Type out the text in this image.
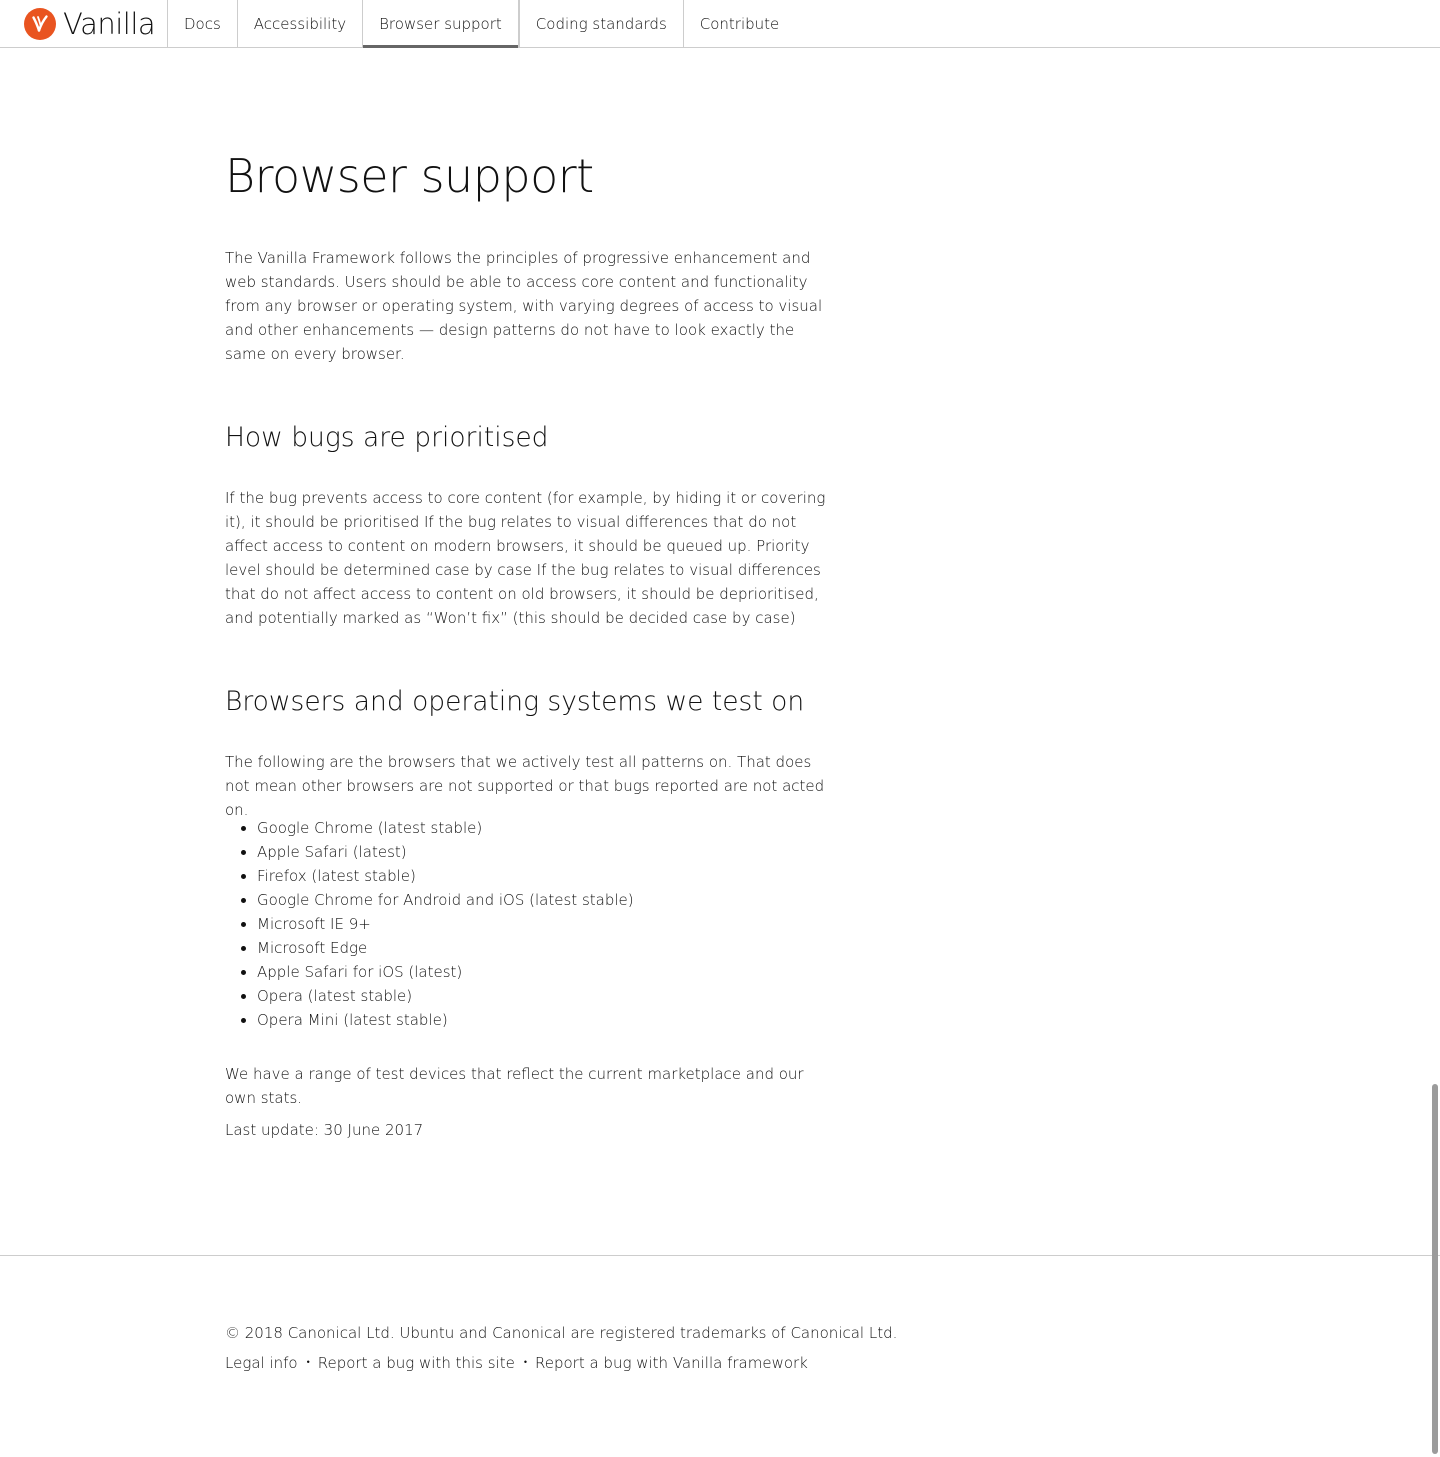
Vanilla Docs Accessibility Browser support Coding standards Contribute
Browser support

The Vanilla Framework follows the principles of progressive enhancement and web standards. Users should be able to access core content and functionality from any browser or operating system, with varying degrees of access to visual and other enhancements — design patterns do not have to look exactly the same on every browser.

How bugs are prioritised

If the bug prevents access to core content (for example, by hiding it or covering it), it should be prioritised If the bug relates to visual differences that do not affect access to content on modern browsers, it should be queued up. Priority level should be determined case by case If the bug relates to visual differences that do not affect access to content on old browsers, it should be deprioritised, and potentially marked as “Won’t fix” (this should be decided case by case)

Browsers and operating systems we test on

The following are the browsers that we actively test all patterns on. That does not mean other browsers are not supported or that bugs reported are not acted on.

• Google Chrome (latest stable)
• Apple Safari (latest)
• Firefox (latest stable)
• Google Chrome for Android and iOS (latest stable)
• Microsoft IE 9+
• Microsoft Edge
• Apple Safari for iOS (latest)
• Opera (latest stable)
• Opera Mini (latest stable)

We have a range of test devices that reflect the current marketplace and our own stats.

Last update: 30 June 2017

© 2018 Canonical Ltd. Ubuntu and Canonical are registered trademarks of Canonical Ltd.

Legal info • Report a bug with this site • Report a bug with Vanilla framework
